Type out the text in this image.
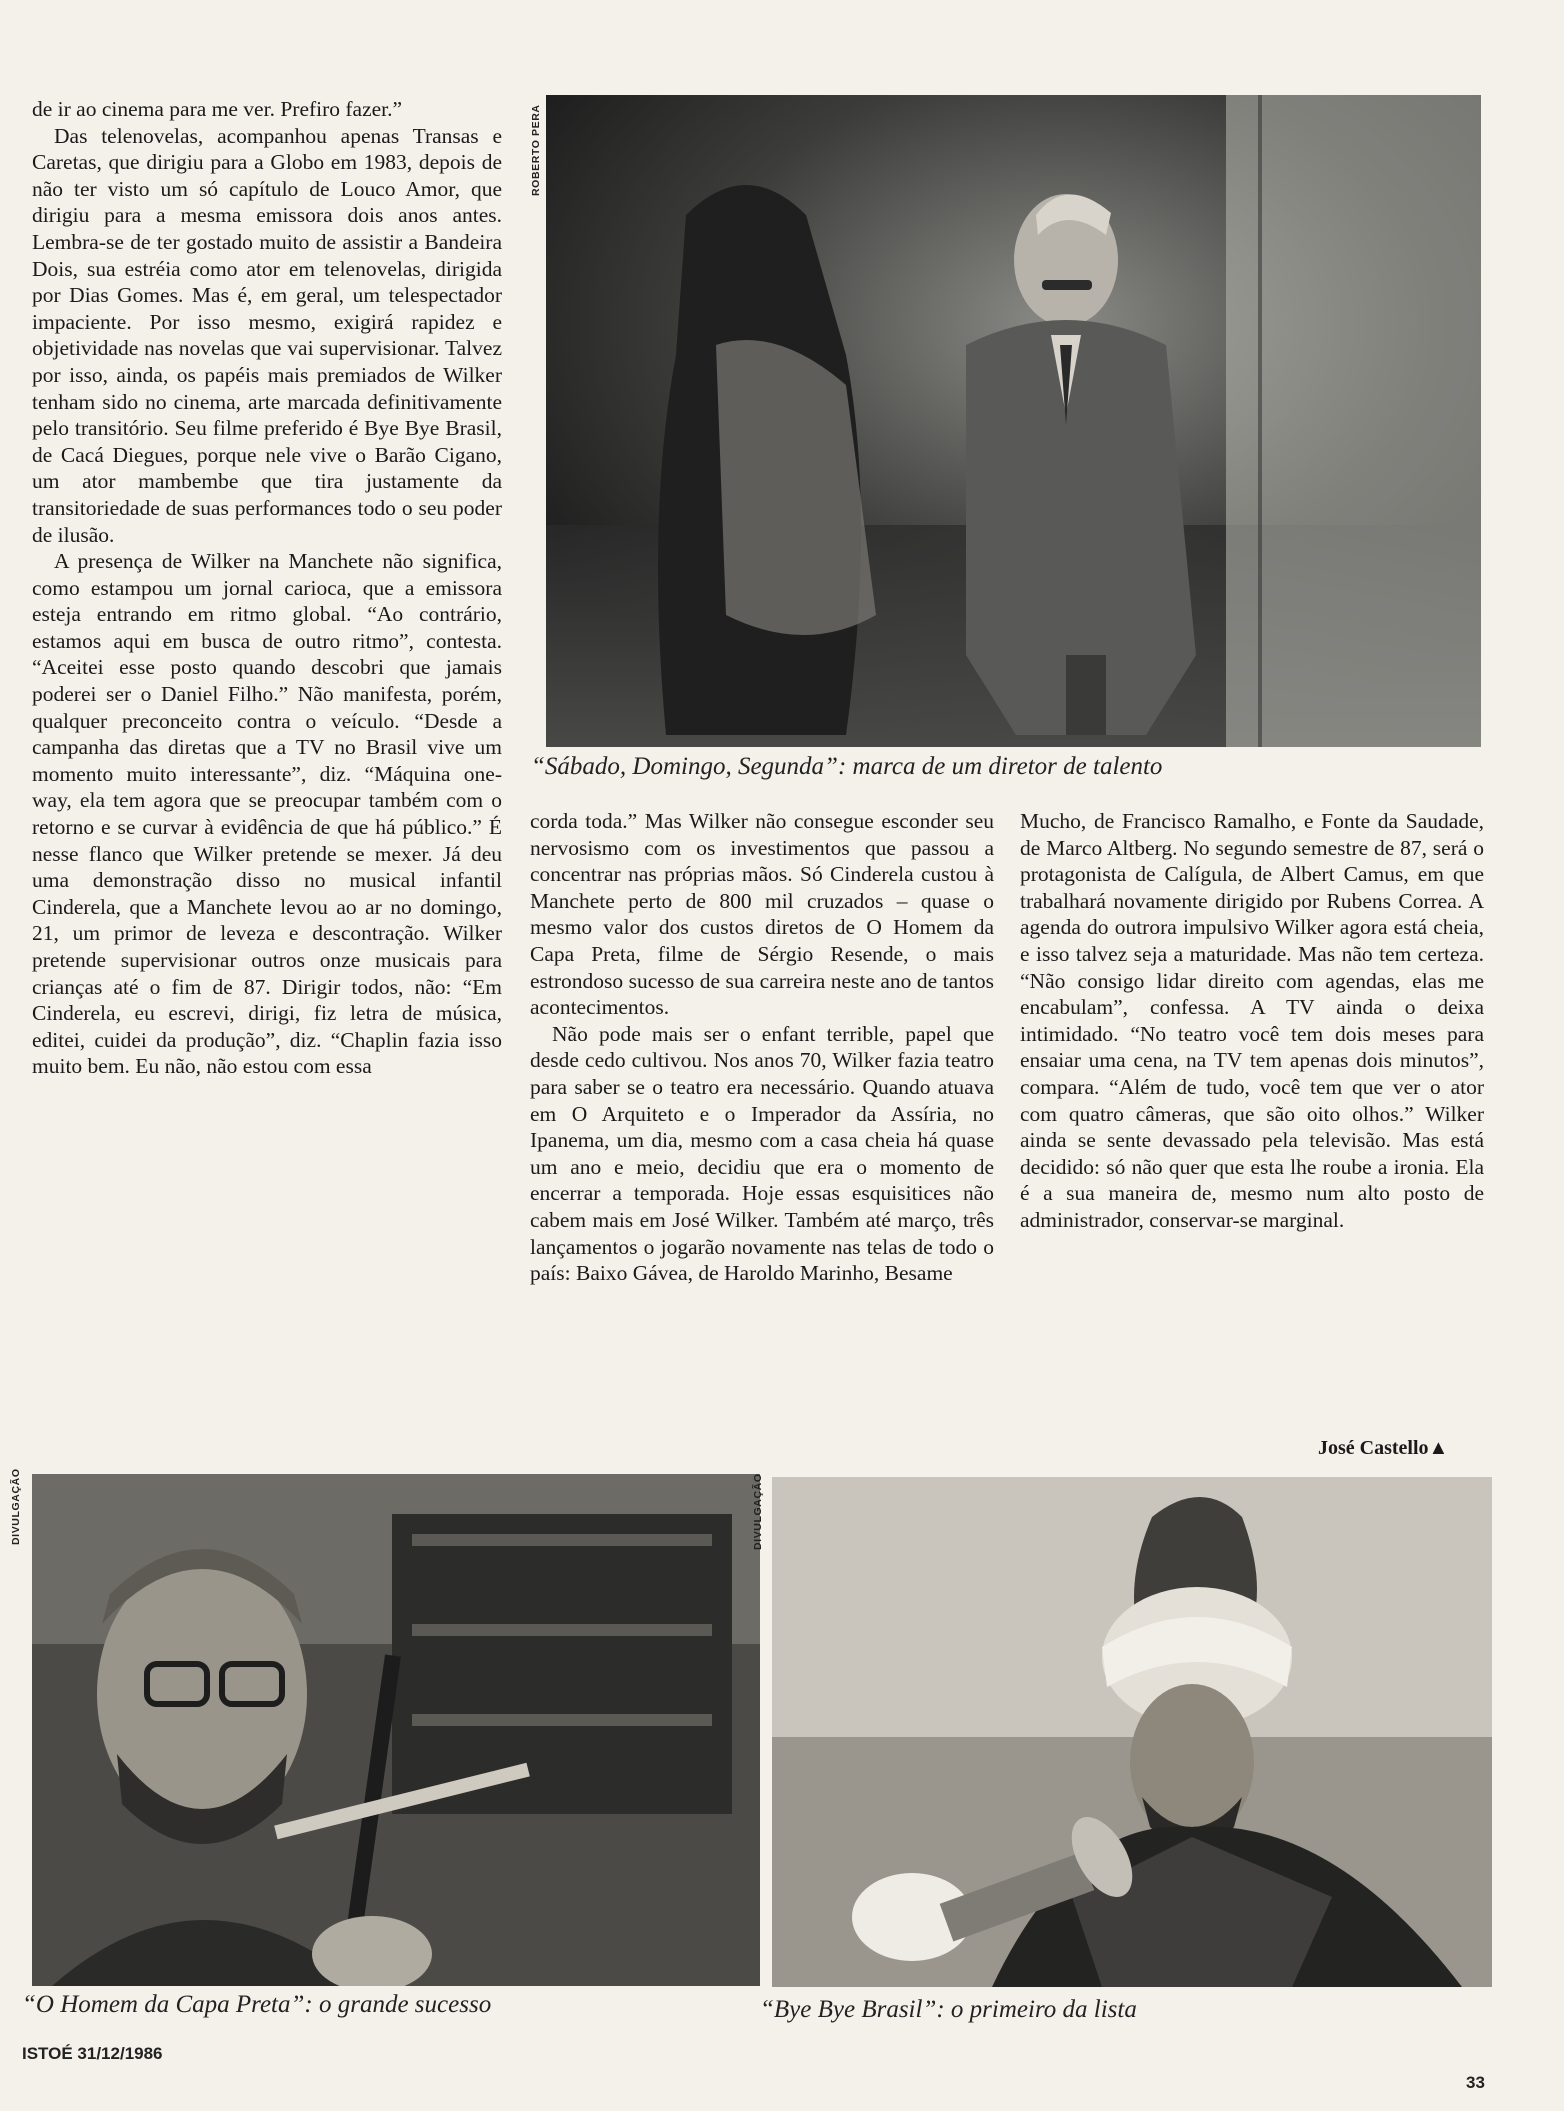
ROBERTO PERA
“Sábado, Domingo, Segunda”: marca de um diretor de talento

de ir ao cinema para me ver. Prefiro fazer.”

Das telenovelas, acompanhou apenas Transas e Caretas, que dirigiu para a Globo em 1983, depois de não ter visto um só capítulo de Louco Amor, que dirigiu para a mesma emissora dois anos antes. Lembra-se de ter gostado muito de assistir a Bandeira Dois, sua estréia como ator em telenovelas, dirigida por Dias Gomes. Mas é, em geral, um telespectador impaciente. Por isso mesmo, exigirá rapidez e objetividade nas novelas que vai supervisionar. Talvez por isso, ainda, os papéis mais premiados de Wilker tenham sido no cinema, arte marcada definitivamente pelo transitório. Seu filme preferido é Bye Bye Brasil, de Cacá Diegues, porque nele vive o Barão Cigano, um ator mambembe que tira justamente da transitoriedade de suas performances todo o seu poder de ilusão.

A presença de Wilker na Manchete não significa, como estampou um jornal carioca, que a emissora esteja entrando em ritmo global. “Ao contrário, estamos aqui em busca de outro ritmo”, contesta. “Aceitei esse posto quando descobri que jamais poderei ser o Daniel Filho.” Não manifesta, porém, qualquer preconceito contra o veículo. “Desde a campanha das diretas que a TV no Brasil vive um momento muito interessante”, diz. “Máquina one-way, ela tem agora que se preocupar também com o retorno e se curvar à evidência de que há público.” É nesse flanco que Wilker pretende se mexer. Já deu uma demonstração disso no musical infantil Cinderela, que a Manchete levou ao ar no domingo, 21, um primor de leveza e descontração. Wilker pretende supervisionar outros onze musicais para crianças até o fim de 87. Dirigir todos, não: “Em Cinderela, eu escrevi, dirigi, fiz letra de música, editei, cuidei da produção”, diz. “Chaplin fazia isso muito bem. Eu não, não estou com essa

corda toda.” Mas Wilker não consegue esconder seu nervosismo com os investimentos que passou a concentrar nas próprias mãos. Só Cinderela custou à Manchete perto de 800 mil cruzados – quase o mesmo valor dos custos diretos de O Homem da Capa Preta, filme de Sérgio Resende, o mais estrondoso sucesso de sua carreira neste ano de tantos acontecimentos.

Não pode mais ser o enfant terrible, papel que desde cedo cultivou. Nos anos 70, Wilker fazia teatro para saber se o teatro era necessário. Quando atuava em O Arquiteto e o Imperador da Assíria, no Ipanema, um dia, mesmo com a casa cheia há quase um ano e meio, decidiu que era o momento de encerrar a temporada. Hoje essas esquisitices não cabem mais em José Wilker. Também até março, três lançamentos o jogarão novamente nas telas de todo o país: Baixo Gávea, de Haroldo Marinho, Besame

Mucho, de Francisco Ramalho, e Fonte da Saudade, de Marco Altberg. No segundo semestre de 87, será o protagonista de Calígula, de Albert Camus, em que trabalhará novamente dirigido por Rubens Correa. A agenda do outrora impulsivo Wilker agora está cheia, e isso talvez seja a maturidade. Mas não tem certeza. “Não consigo lidar direito com agendas, elas me encabulam”, confessa. A TV ainda o deixa intimidado. “No teatro você tem dois meses para ensaiar uma cena, na TV tem apenas dois minutos”, compara. “Além de tudo, você tem que ver o ator com quatro câmeras, que são oito olhos.” Wilker ainda se sente devassado pela televisão. Mas está decidido: só não quer que esta lhe roube a ironia. Ela é a sua maneira de, mesmo num alto posto de administrador, conservar-se marginal.

José Castello▲
DIVULGAÇÃO
“O Homem da Capa Preta”: o grande sucesso
DIVULGAÇÃO
“Bye Bye Brasil”: o primeiro da lista
ISTOÉ 31/12/1986
33
